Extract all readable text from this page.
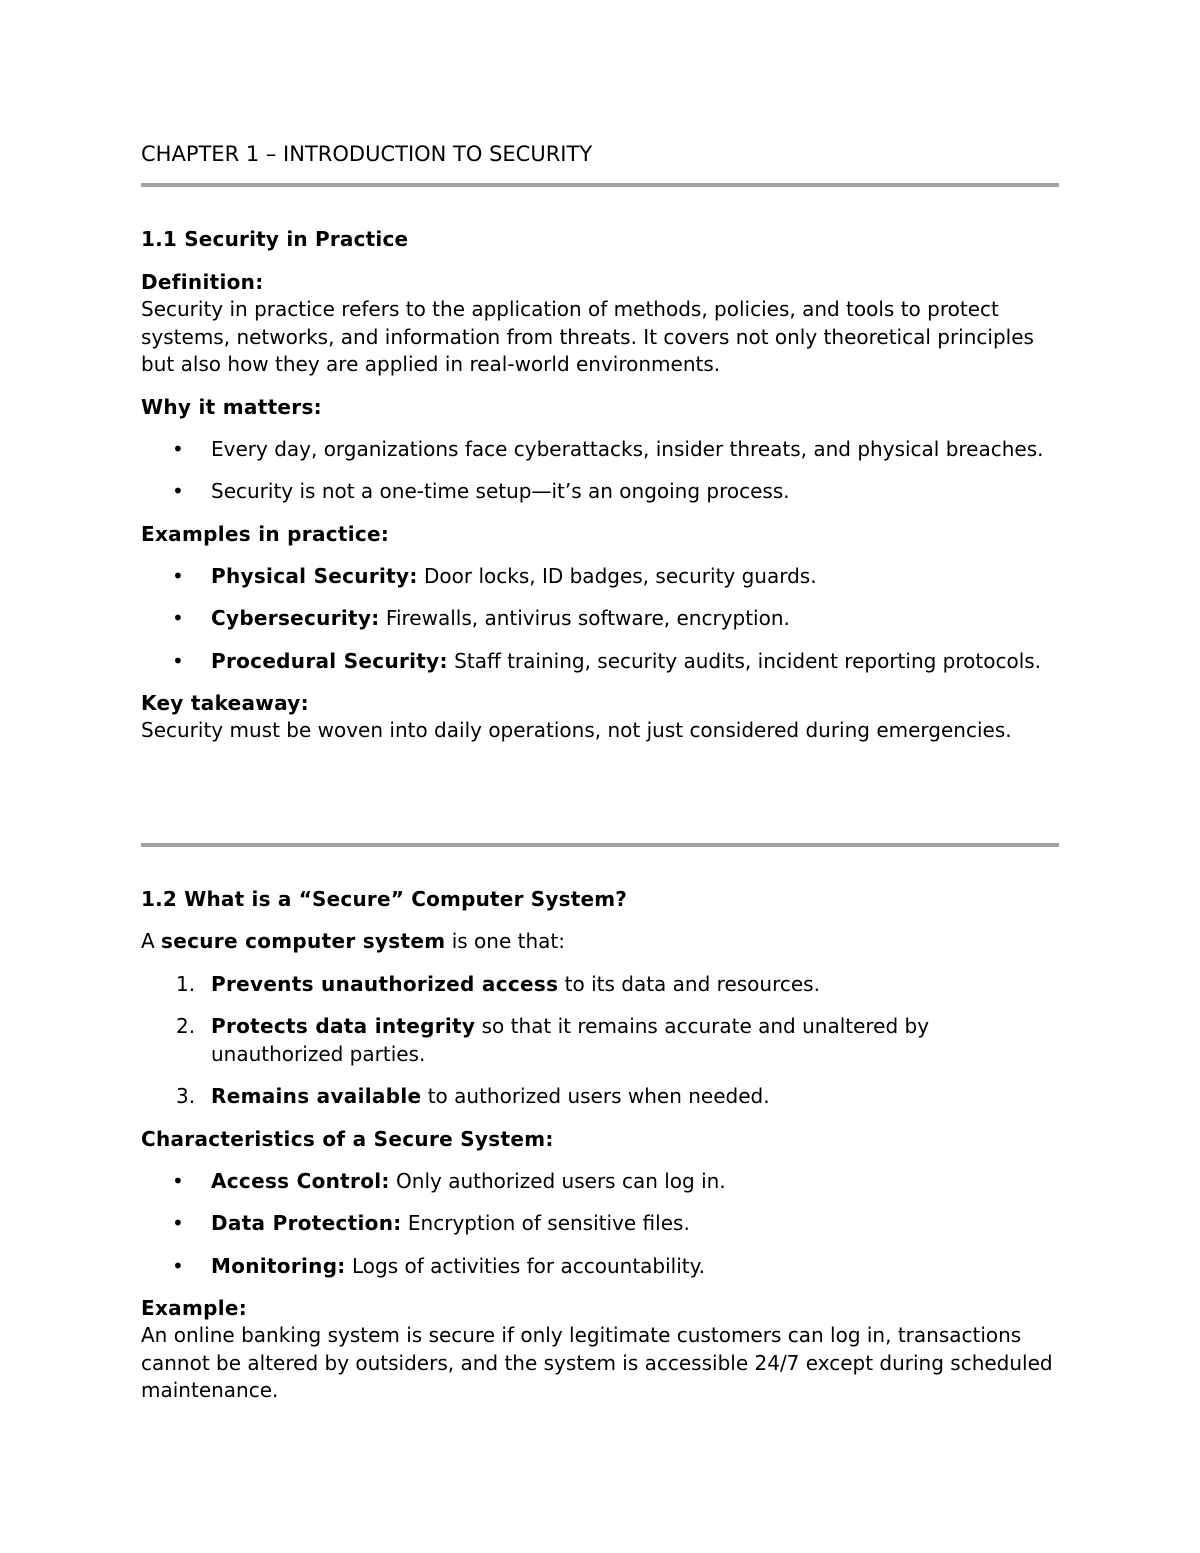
CHAPTER 1 – INTRODUCTION TO SECURITY
1.1 Security in Practice
Definition:

Security in practice refers to the application of methods, policies, and tools to protect systems, networks, and information from threats. It covers not only theoretical principles but also how they are applied in real-world environments.

Why it matters:
• Every day, organizations face cyberattacks, insider threats, and physical breaches.
• Security is not a one-time setup—it’s an ongoing process.
Examples in practice:
• Physical Security: Door locks, ID badges, security guards.
• Cybersecurity: Firewalls, antivirus software, encryption.
• Procedural Security: Staff training, security audits, incident reporting protocols.
Key takeaway:

Security must be woven into daily operations, not just considered during emergencies.

1.2 What is a “Secure” Computer System?

A secure computer system is one that:

1. Prevents unauthorized access to its data and resources.
2. Protects data integrity so that it remains accurate and unaltered by unauthorized parties.
3. Remains available to authorized users when needed.
Characteristics of a Secure System:
• Access Control: Only authorized users can log in.
• Data Protection: Encryption of sensitive files.
• Monitoring: Logs of activities for accountability.
Example:

An online banking system is secure if only legitimate customers can log in, transactions cannot be altered by outsiders, and the system is accessible 24/7 except during scheduled maintenance.
